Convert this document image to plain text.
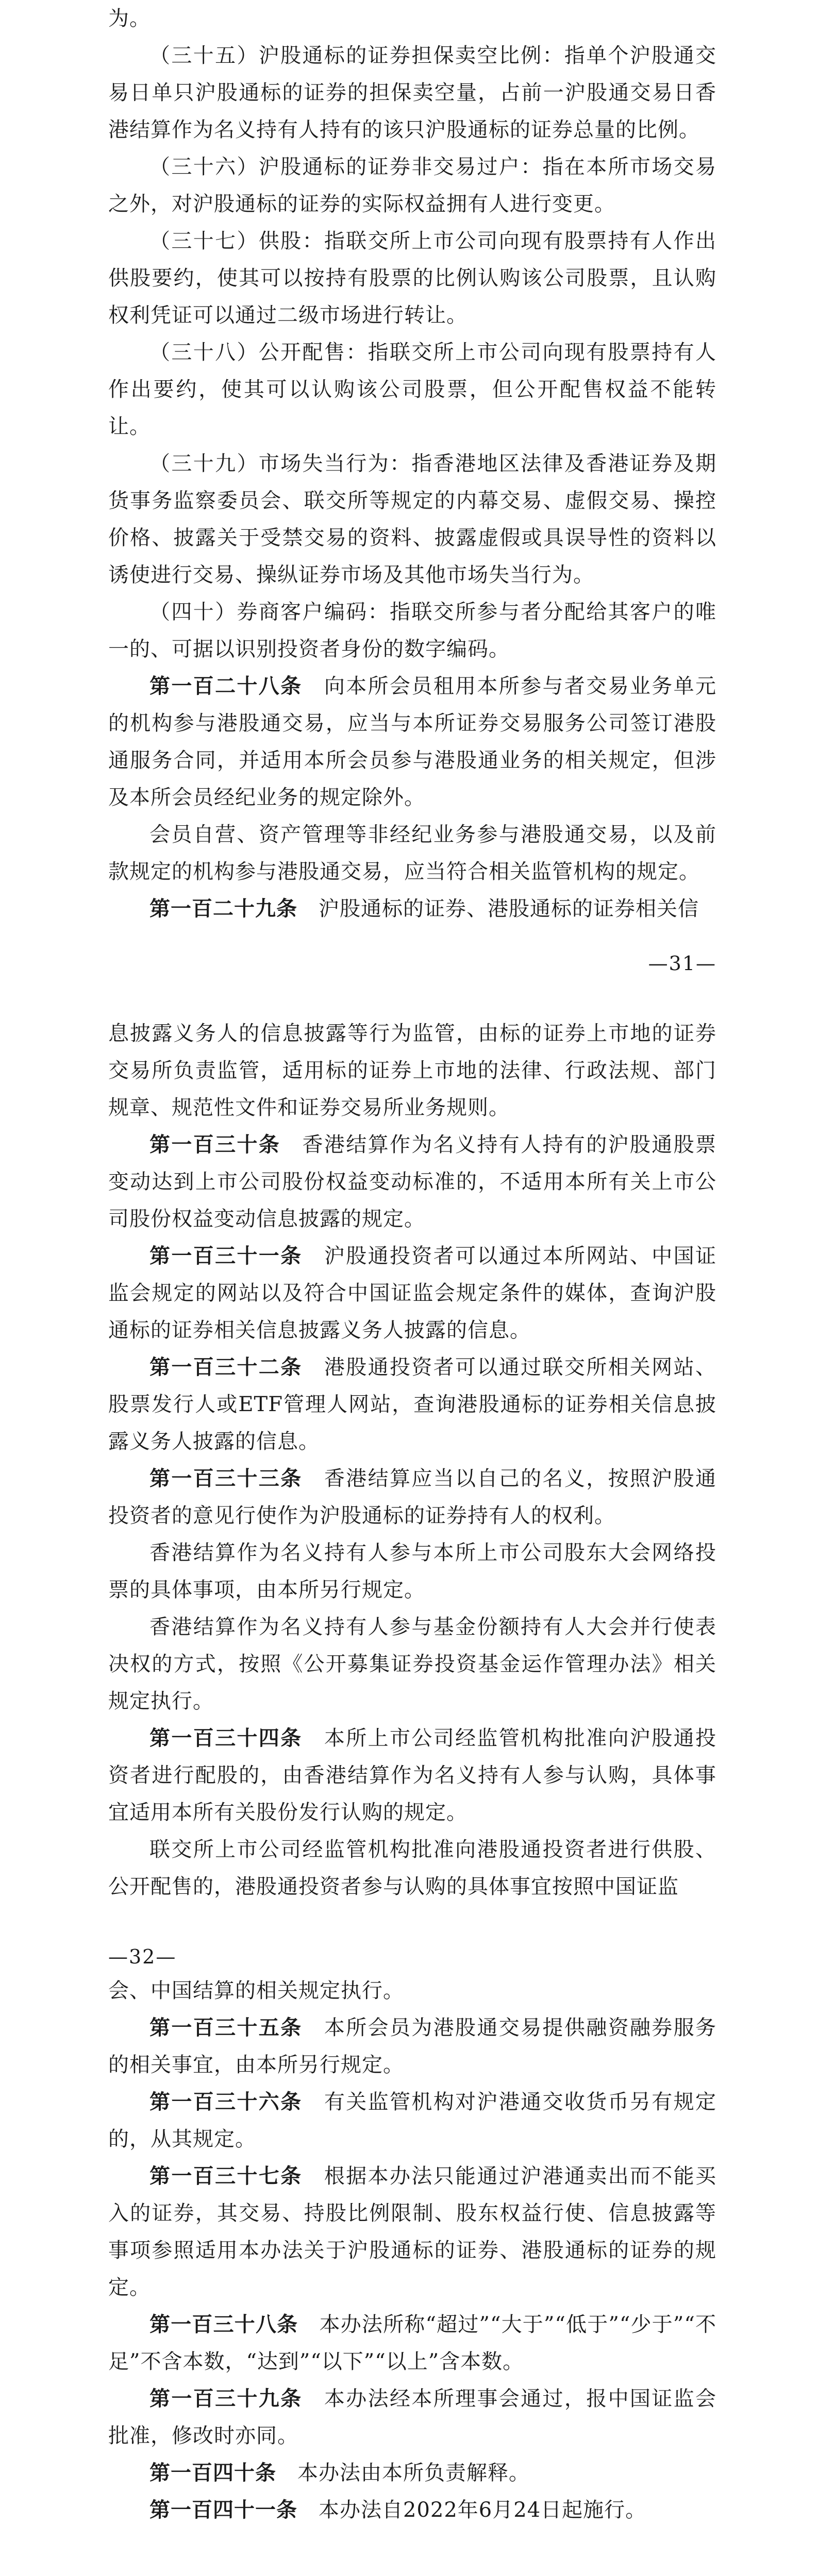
为。

（三十五）沪股通标的证券担保卖空比例：指单个沪股通交易日单只沪股通标的证券的担保卖空量，占前一沪股通交易日香港结算作为名义持有人持有的该只沪股通标的证券总量的比例。

（三十六）沪股通标的证券非交易过户：指在本所市场交易之外，对沪股通标的证券的实际权益拥有人进行变更。

（三十七）供股：指联交所上市公司向现有股票持有人作出供股要约，使其可以按持有股票的比例认购该公司股票，且认购权利凭证可以通过二级市场进行转让。

（三十八）公开配售：指联交所上市公司向现有股票持有人作出要约，使其可以认购该公司股票，但公开配售权益不能转让。

（三十九）市场失当行为：指香港地区法律及香港证券及期货事务监察委员会、联交所等规定的内幕交易、虚假交易、操控价格、披露关于受禁交易的资料、披露虚假或具误导性的资料以诱使进行交易、操纵证券市场及其他市场失当行为。

（四十）券商客户编码：指联交所参与者分配给其客户的唯一的、可据以识别投资者身份的数字编码。

第一百二十八条　向本所会员租用本所参与者交易业务单元的机构参与港股通交易，应当与本所证券交易服务公司签订港股通服务合同，并适用本所会员参与港股通业务的相关规定，但涉及本所会员经纪业务的规定除外。

会员自营、资产管理等非经纪业务参与港股通交易，以及前款规定的机构参与港股通交易，应当符合相关监管机构的规定。

第一百二十九条　沪股通标的证券、港股通标的证券相关信

—31—

息披露义务人的信息披露等行为监管，由标的证券上市地的证券交易所负责监管，适用标的证券上市地的法律、行政法规、部门规章、规范性文件和证券交易所业务规则。

第一百三十条　香港结算作为名义持有人持有的沪股通股票变动达到上市公司股份权益变动标准的，不适用本所有关上市公司股份权益变动信息披露的规定。

第一百三十一条　沪股通投资者可以通过本所网站、中国证监会规定的网站以及符合中国证监会规定条件的媒体，查询沪股通标的证券相关信息披露义务人披露的信息。

第一百三十二条　港股通投资者可以通过联交所相关网站、股票发行人或ETF管理人网站，查询港股通标的证券相关信息披露义务人披露的信息。

第一百三十三条　香港结算应当以自己的名义，按照沪股通投资者的意见行使作为沪股通标的证券持有人的权利。

香港结算作为名义持有人参与本所上市公司股东大会网络投票的具体事项，由本所另行规定。

香港结算作为名义持有人参与基金份额持有人大会并行使表决权的方式，按照《公开募集证券投资基金运作管理办法》相关规定执行。

第一百三十四条　本所上市公司经监管机构批准向沪股通投资者进行配股的，由香港结算作为名义持有人参与认购，具体事宜适用本所有关股份发行认购的规定。

联交所上市公司经监管机构批准向港股通投资者进行供股、公开配售的，港股通投资者参与认购的具体事宜按照中国证监

—32—

会、中国结算的相关规定执行。

第一百三十五条　本所会员为港股通交易提供融资融券服务的相关事宜，由本所另行规定。

第一百三十六条　有关监管机构对沪港通交收货币另有规定的，从其规定。

第一百三十七条　根据本办法只能通过沪港通卖出而不能买入的证券，其交易、持股比例限制、股东权益行使、信息披露等事项参照适用本办法关于沪股通标的证券、港股通标的证券的规定。

第一百三十八条　本办法所称“超过”“大于”“低于”“少于”“不足”不含本数，“达到”“以下”“以上”含本数。

第一百三十九条　本办法经本所理事会通过，报中国证监会批准，修改时亦同。

第一百四十条　本办法由本所负责解释。

第一百四十一条　本办法自2022年6月24日起施行。
